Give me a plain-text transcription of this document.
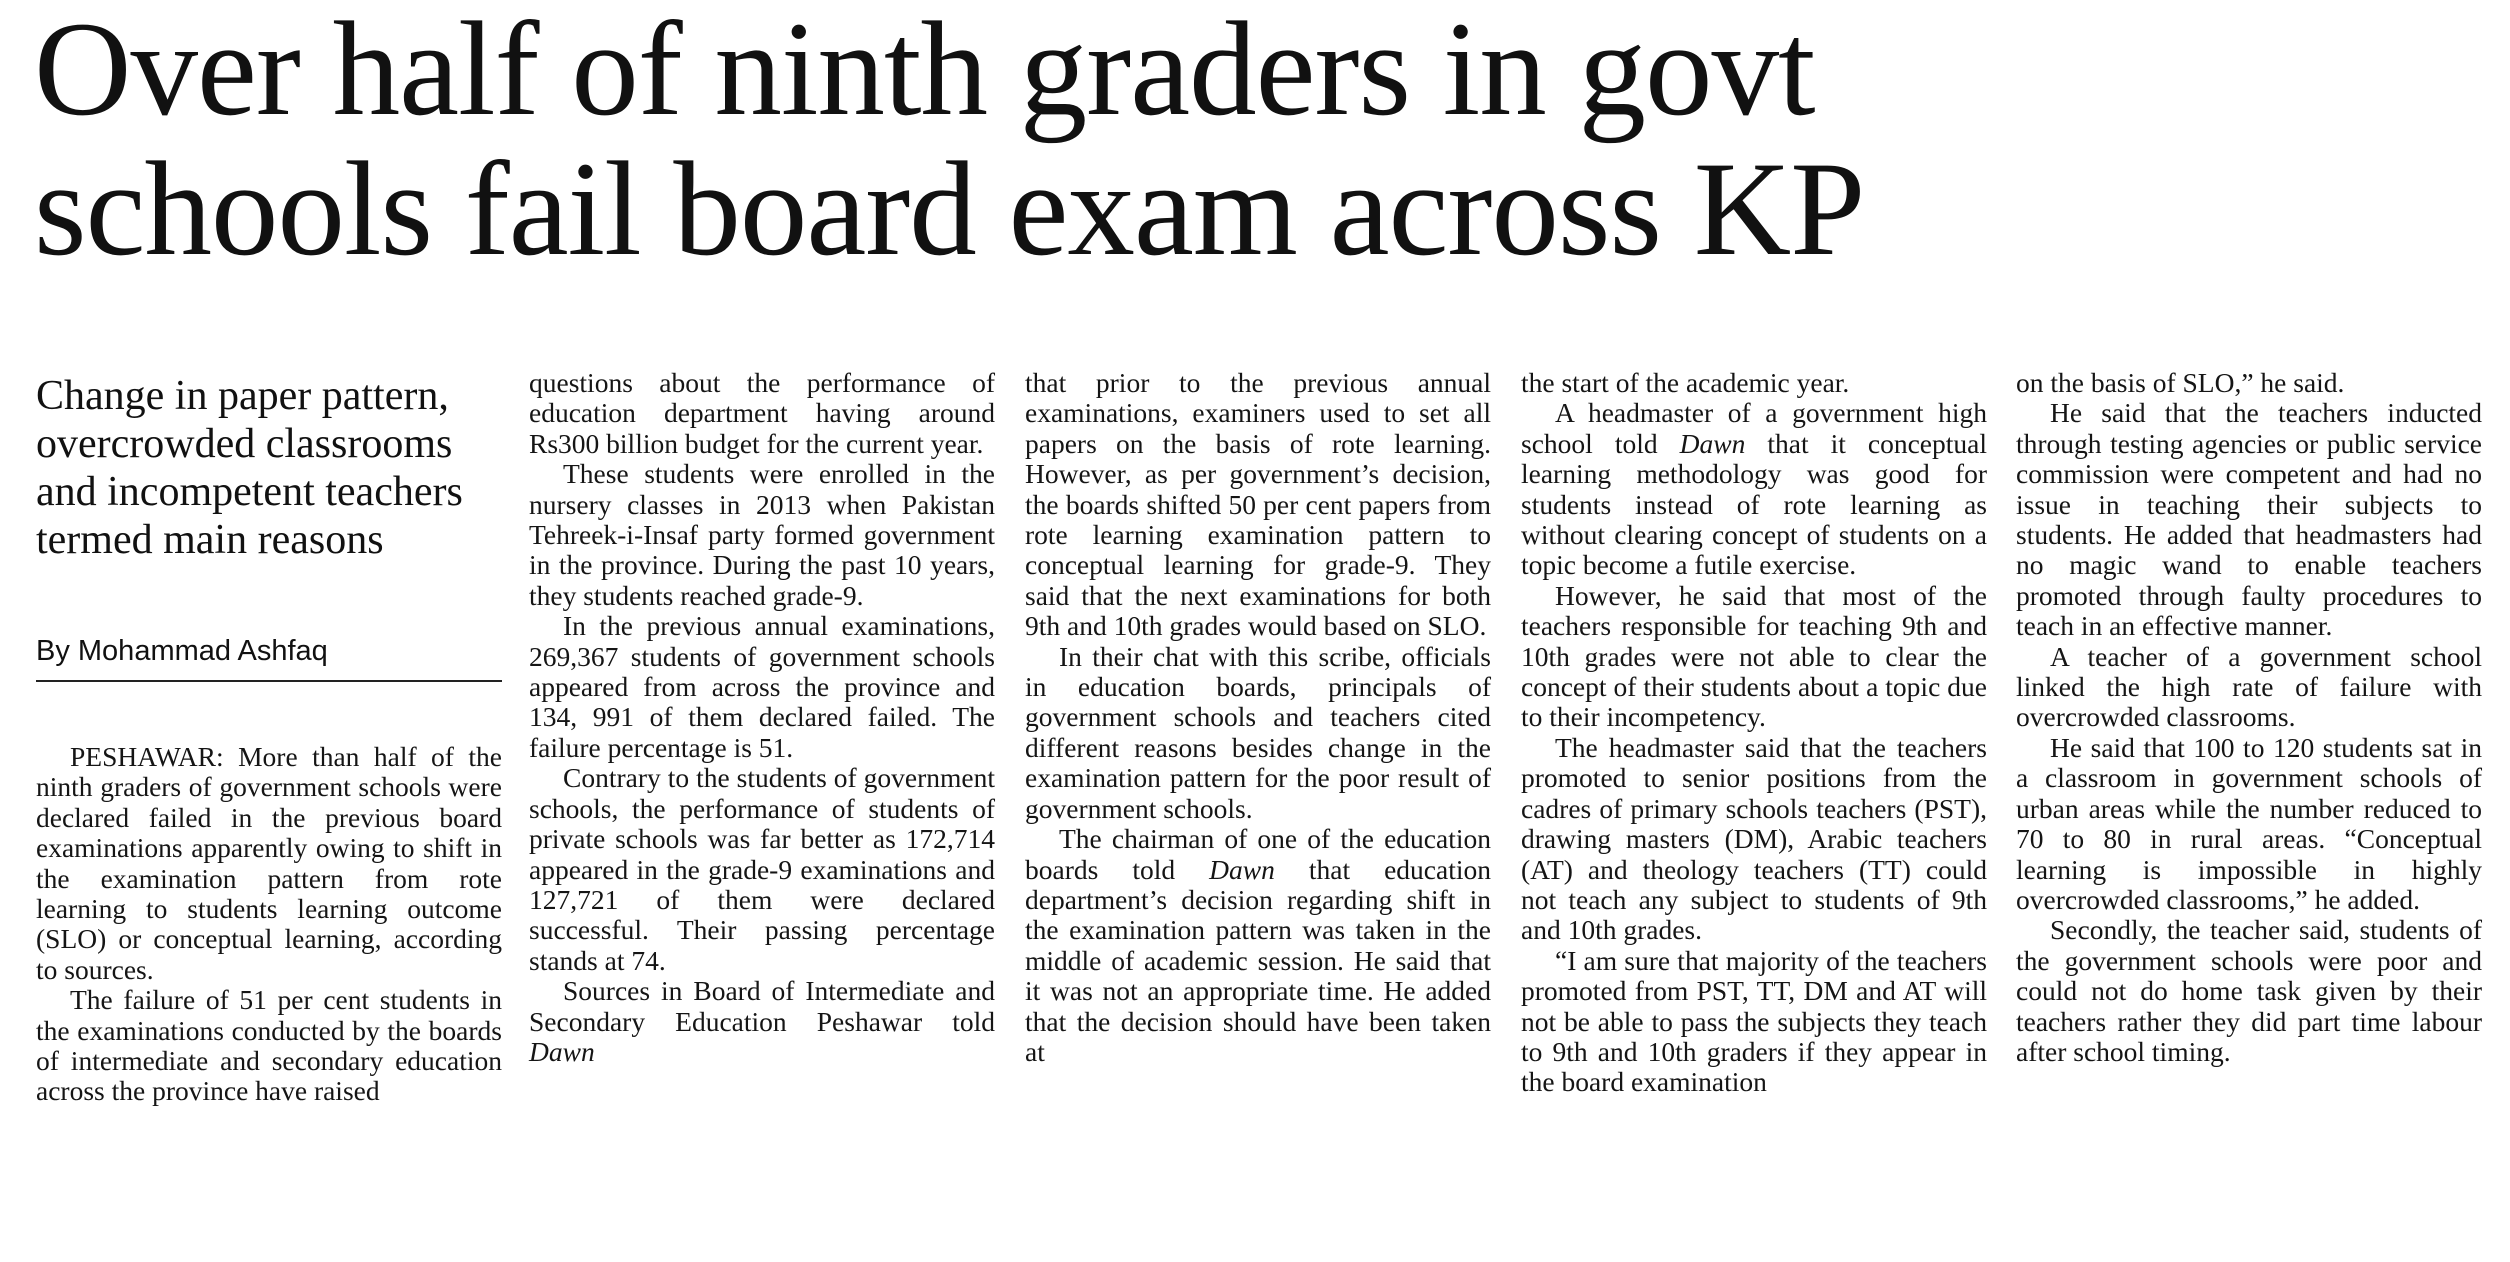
Over half of ninth graders in govt
schools fail board exam across KP

Change in paper pattern, overcrowded classrooms and incompetent teachers termed main reasons

By Mohammad Ashfaq

PESHAWAR: More than half of the ninth graders of government schools were declared failed in the previous board examinations apparently owing to shift in the examination pattern from rote learning to students learning outcome (SLO) or conceptual learning, according to sources.

The failure of 51 per cent students in the examinations conducted by the boards of intermediate and secondary education across the province have raised

questions about the performance of education department having around Rs300 billion budget for the current year.

These students were enrolled in the nursery classes in 2013 when Pakistan Tehreek-i-Insaf party formed government in the province. During the past 10 years, they students reached grade-9.

In the previous annual examinations, 269,367 students of government schools appeared from across the province and 134, 991 of them declared failed. The failure percentage is 51.

Contrary to the students of government schools, the performance of students of private schools was far better as 172,714 appeared in the grade-9 examinations and 127,721 of them were declared successful. Their passing percentage stands at 74.

Sources in Board of Intermediate and Secondary Education Peshawar told Dawn

that prior to the previous annual examinations, examiners used to set all papers on the basis of rote learning. However, as per government’s decision, the boards shifted 50 per cent papers from rote learning examination pattern to conceptual learning for grade-9. They said that the next examinations for both 9th and 10th grades would based on SLO.

In their chat with this scribe, officials in education boards, principals of government schools and teachers cited different reasons besides change in the examination pattern for the poor result of government schools.

The chairman of one of the education boards told Dawn that education department’s decision regarding shift in the examination pattern was taken in the middle of academic session. He said that it was not an appropriate time. He added that the decision should have been taken at

the start of the academic year.

A headmaster of a government high school told Dawn that it conceptual learning methodology was good for students instead of rote learning as without clearing concept of students on a topic become a futile exercise.

However, he said that most of the teachers responsible for teaching 9th and 10th grades were not able to clear the concept of their students about a topic due to their incompetency.

The headmaster said that the teachers promoted to senior positions from the cadres of primary schools teachers (PST), drawing masters (DM), Arabic teachers (AT) and theology teachers (TT) could not teach any subject to students of 9th and 10th grades.

“I am sure that majority of the teachers promoted from PST, TT, DM and AT will not be able to pass the subjects they teach to 9th and 10th graders if they appear in the board examination

on the basis of SLO,” he said.

He said that the teachers inducted through testing agencies or public service commission were competent and had no issue in teaching their subjects to students. He added that headmasters had no magic wand to enable teachers promoted through faulty procedures to teach in an effective manner.

A teacher of a government school linked the high rate of failure with overcrowded classrooms.

He said that 100 to 120 students sat in a classroom in government schools of urban areas while the number reduced to 70 to 80 in rural areas. “Conceptual learning is impossible in highly overcrowded classrooms,” he added.

Secondly, the teacher said, students of the government schools were poor and could not do home task given by their teachers rather they did part time labour after school timing.
